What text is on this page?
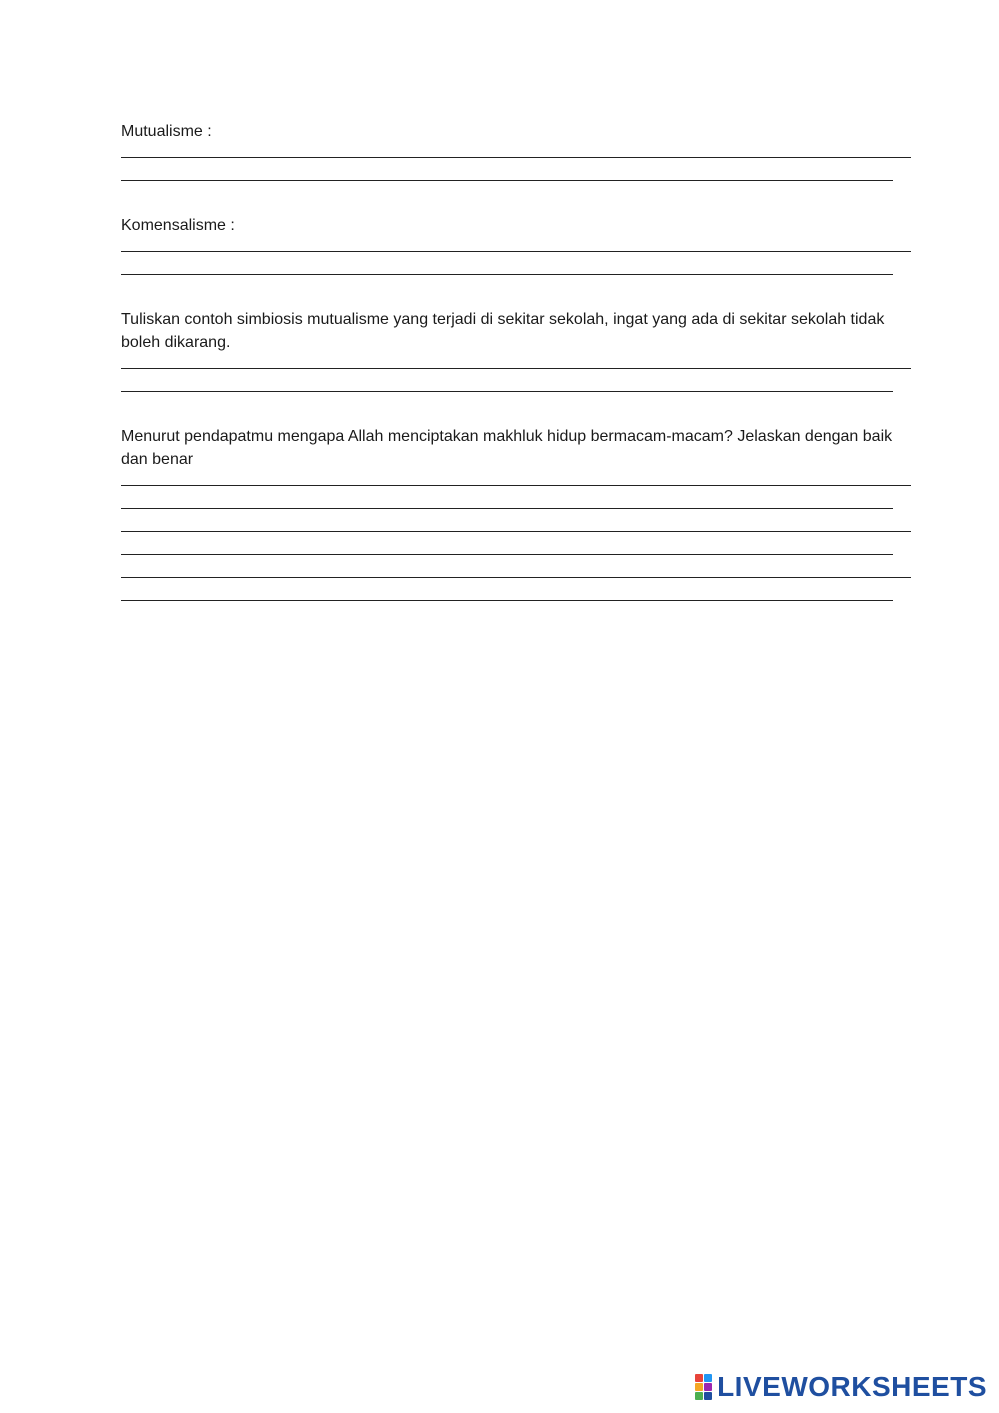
Mutualisme :

Komensalisme :

Tuliskan contoh simbiosis mutualisme yang terjadi di sekitar sekolah, ingat yang ada di sekitar sekolah tidak boleh dikarang.

Menurut pendapatmu mengapa Allah menciptakan makhluk hidup bermacam-macam? Jelaskan dengan baik dan benar

LIVEWORKSHEETS
